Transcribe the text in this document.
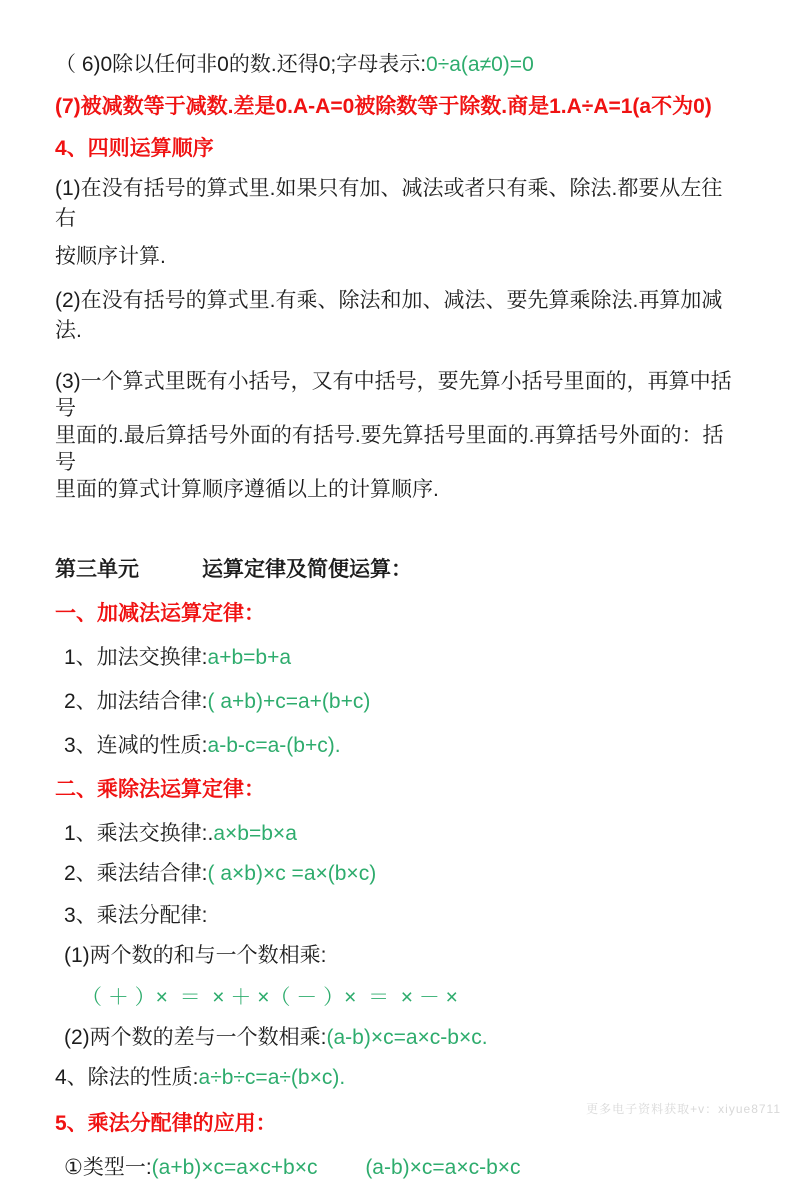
（ 6)0除以任何非0的数.还得0;字母表示:0÷a(a≠0)=0
(7)被减数等于减数.差是0.A-A=0被除数等于除数.商是1.A÷A=1(a不为0)
4、四则运算顺序
(1)在没有括号的算式里.如果只有加、减法或者只有乘、除法.都要从左往右
按顺序计算.
(2)在没有括号的算式里.有乘、除法和加、减法、要先算乘除法.再算加减法.
(3)一个算式里既有小括号，又有中括号，要先算小括号里面的，再算中括号
里面的.最后算括号外面的有括号.要先算括号里面的.再算括号外面的：括号
里面的算式计算顺序遵循以上的计算顺序.
第三单元　　　运算定律及简便运算：
一、加减法运算定律：
1、加法交换律:a+b=b+a
2、加法结合律:( a+b)+c=a+(b+c)
3、连减的性质:a-b-c=a-(b+c).
二、乘除法运算定律：
1、乘法交换律:.a×b=b×a
2、乘法结合律:( a×b)×c =a×(b×c)
3、乘法分配律:
(1)两个数的和与一个数相乘:
（ ＋ ）×  ＝  × ＋ ×（ － ）×  ＝  × － ×
(2)两个数的差与一个数相乘:(a-b)×c=a×c-b×c.
4、除法的性质:a÷b÷c=a÷(b×c).
5、乘法分配律的应用：
①类型一:(a+b)×c=a×c+b×c　　 (a-b)×c=a×c-b×c
更多电子资料获取+v：xiyue8711
